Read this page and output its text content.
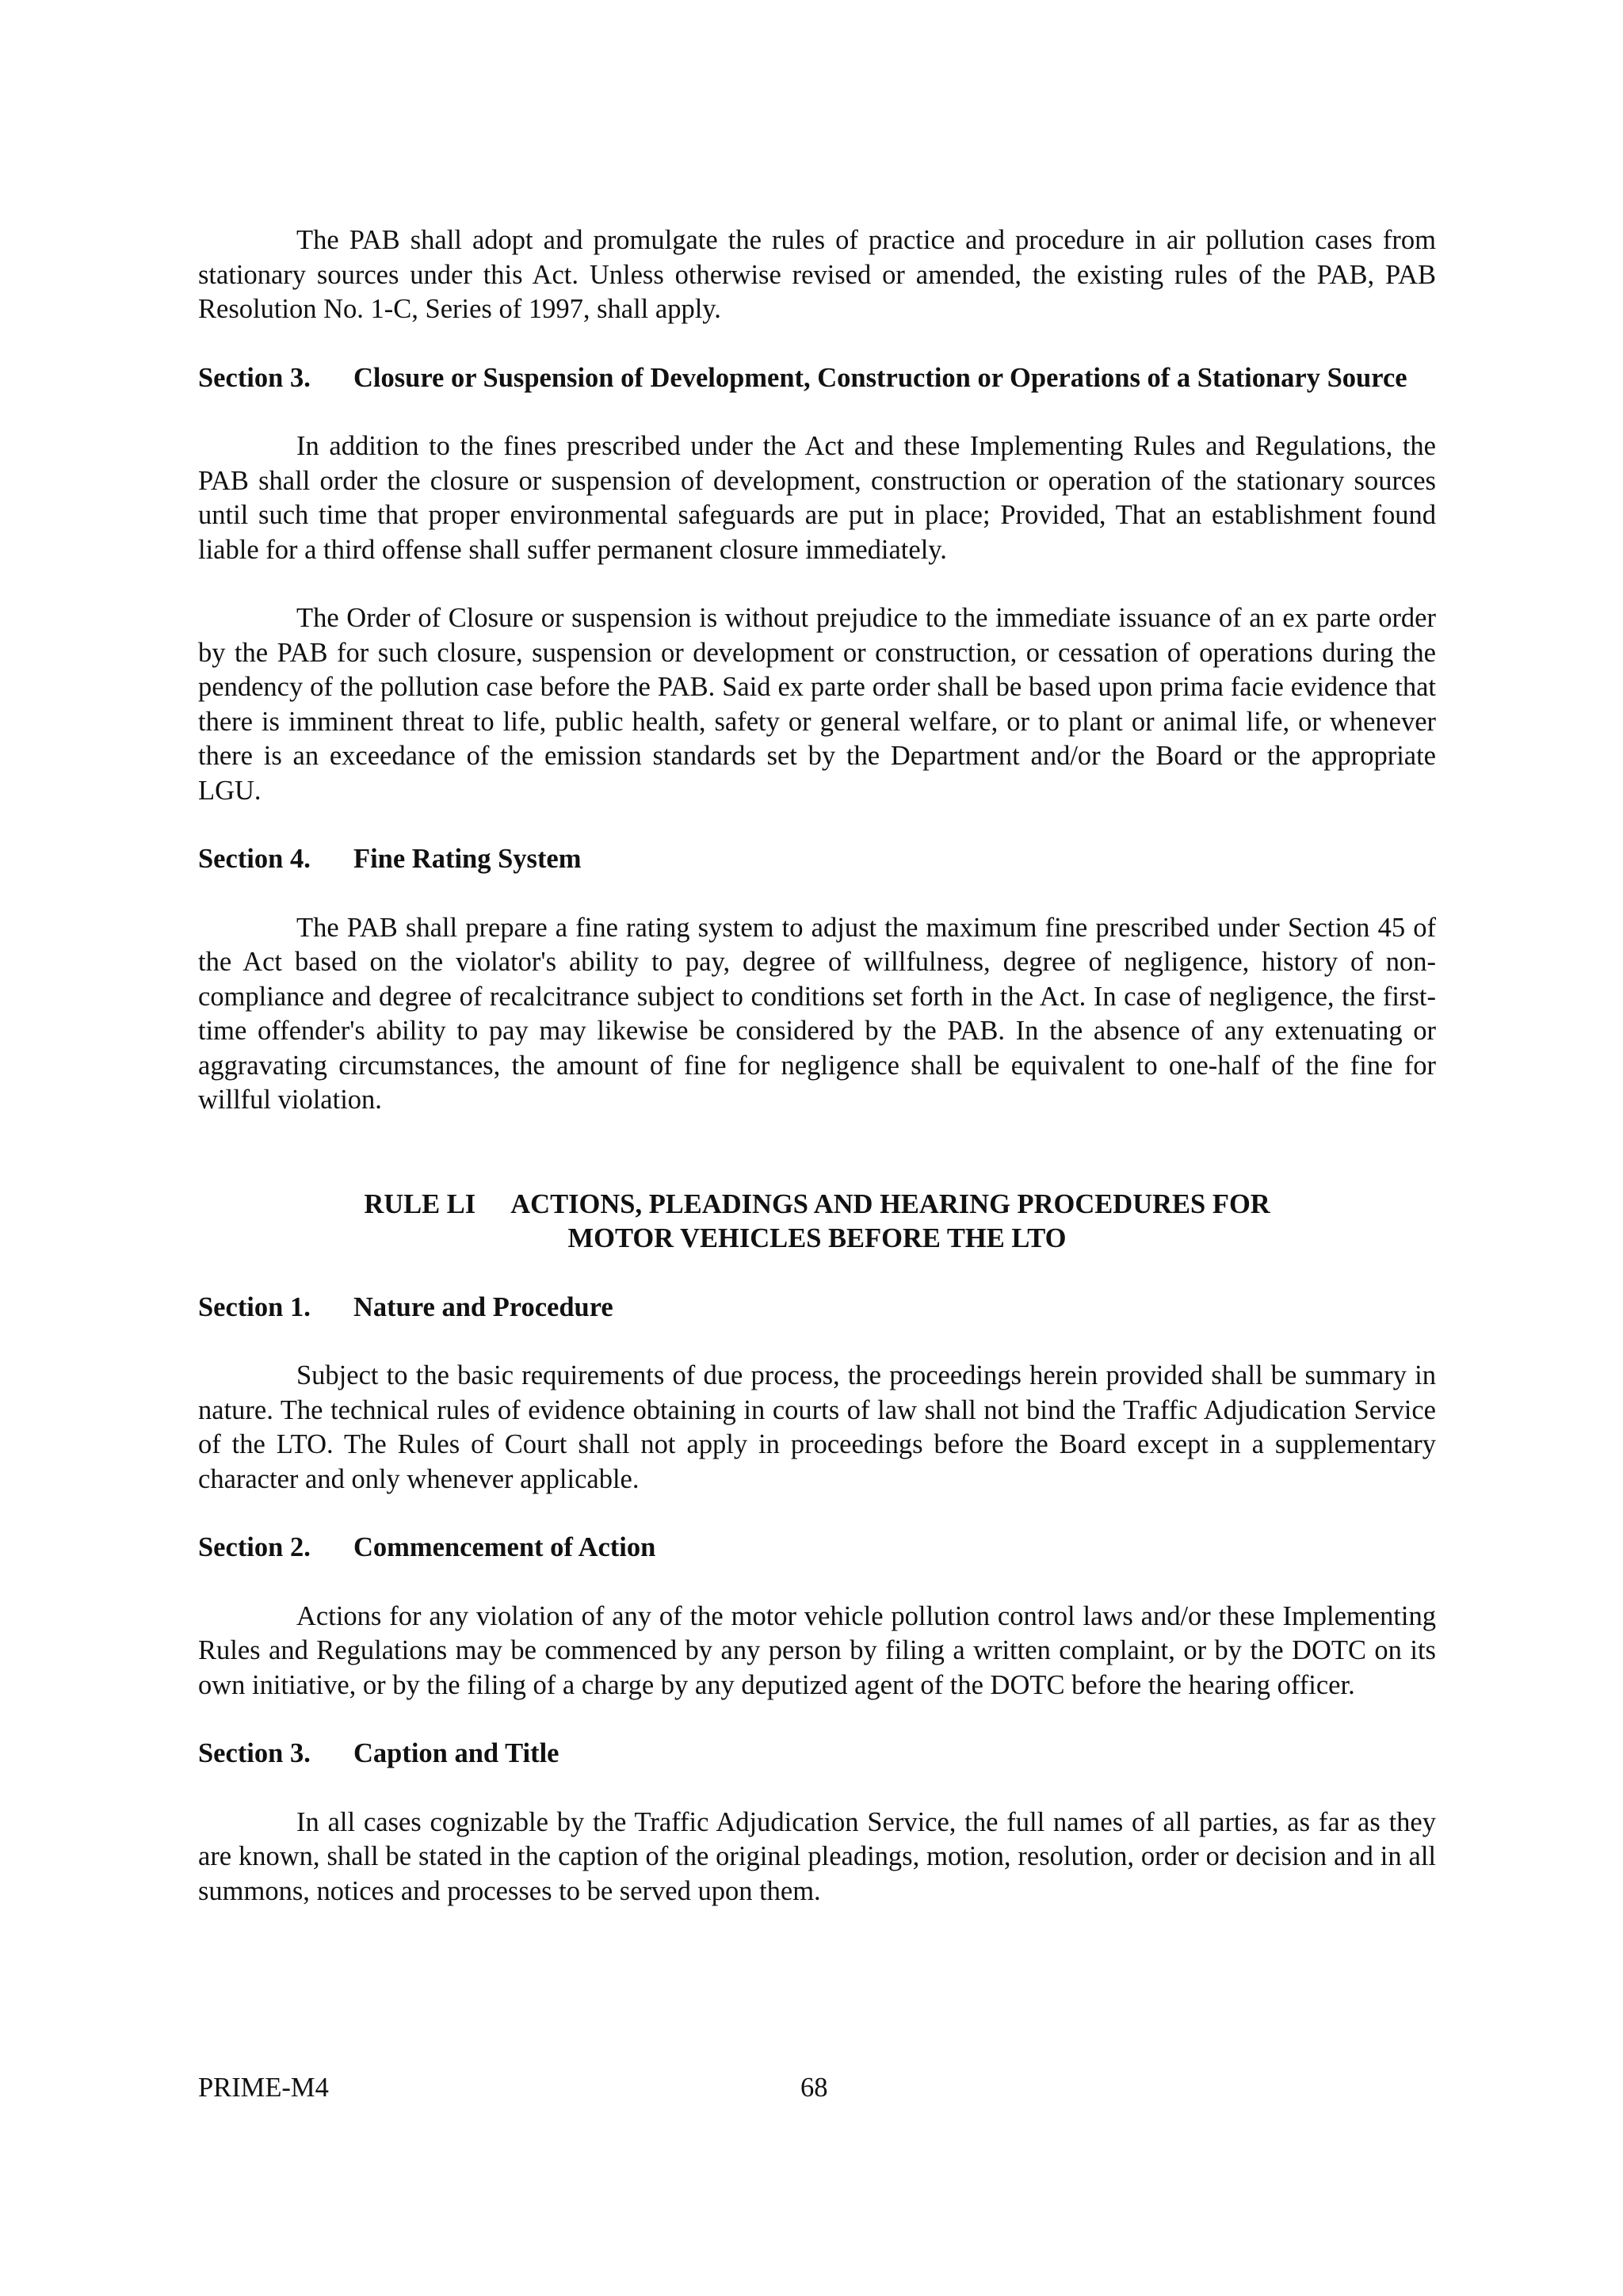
The PAB shall adopt and promulgate the rules of practice and procedure in air pollution cases from stationary sources under this Act. Unless otherwise revised or amended, the existing rules of the PAB, PAB Resolution No. 1-C, Series of 1997, shall apply.

Section 3. Closure or Suspension of Development, Construction or Operations of a Stationary Source

In addition to the fines prescribed under the Act and these Implementing Rules and Regulations, the PAB shall order the closure or suspension of development, construction or operation of the stationary sources until such time that proper environmental safeguards are put in place; Provided, That an establishment found liable for a third offense shall suffer permanent closure immediately.

The Order of Closure or suspension is without prejudice to the immediate issuance of an ex parte order by the PAB for such closure, suspension or development or construction, or cessation of operations during the pendency of the pollution case before the PAB. Said ex parte order shall be based upon prima facie evidence that there is imminent threat to life, public health, safety or general welfare, or to plant or animal life, or whenever there is an exceedance of the emission standards set by the Department and/or the Board or the appropriate LGU.

Section 4. Fine Rating System

The PAB shall prepare a fine rating system to adjust the maximum fine prescribed under Section 45 of the Act based on the violator's ability to pay, degree of willfulness, degree of negligence, history of non-compliance and degree of recalcitrance subject to conditions set forth in the Act. In case of negligence, the first-time offender's ability to pay may likewise be considered by the PAB. In the absence of any extenuating or aggravating circumstances, the amount of fine for negligence shall be equivalent to one-half of the fine for willful violation.

RULE LI ACTIONS, PLEADINGS AND HEARING PROCEDURES FOR
MOTOR VEHICLES BEFORE THE LTO

Section 1. Nature and Procedure

Subject to the basic requirements of due process, the proceedings herein provided shall be summary in nature. The technical rules of evidence obtaining in courts of law shall not bind the Traffic Adjudication Service of the LTO. The Rules of Court shall not apply in proceedings before the Board except in a supplementary character and only whenever applicable.

Section 2. Commencement of Action

Actions for any violation of any of the motor vehicle pollution control laws and/or these Implementing Rules and Regulations may be commenced by any person by filing a written complaint, or by the DOTC on its own initiative, or by the filing of a charge by any deputized agent of the DOTC before the hearing officer.

Section 3. Caption and Title

In all cases cognizable by the Traffic Adjudication Service, the full names of all parties, as far as they are known, shall be stated in the caption of the original pleadings, motion, resolution, order or decision and in all summons, notices and processes to be served upon them.

PRIME-M4	68
